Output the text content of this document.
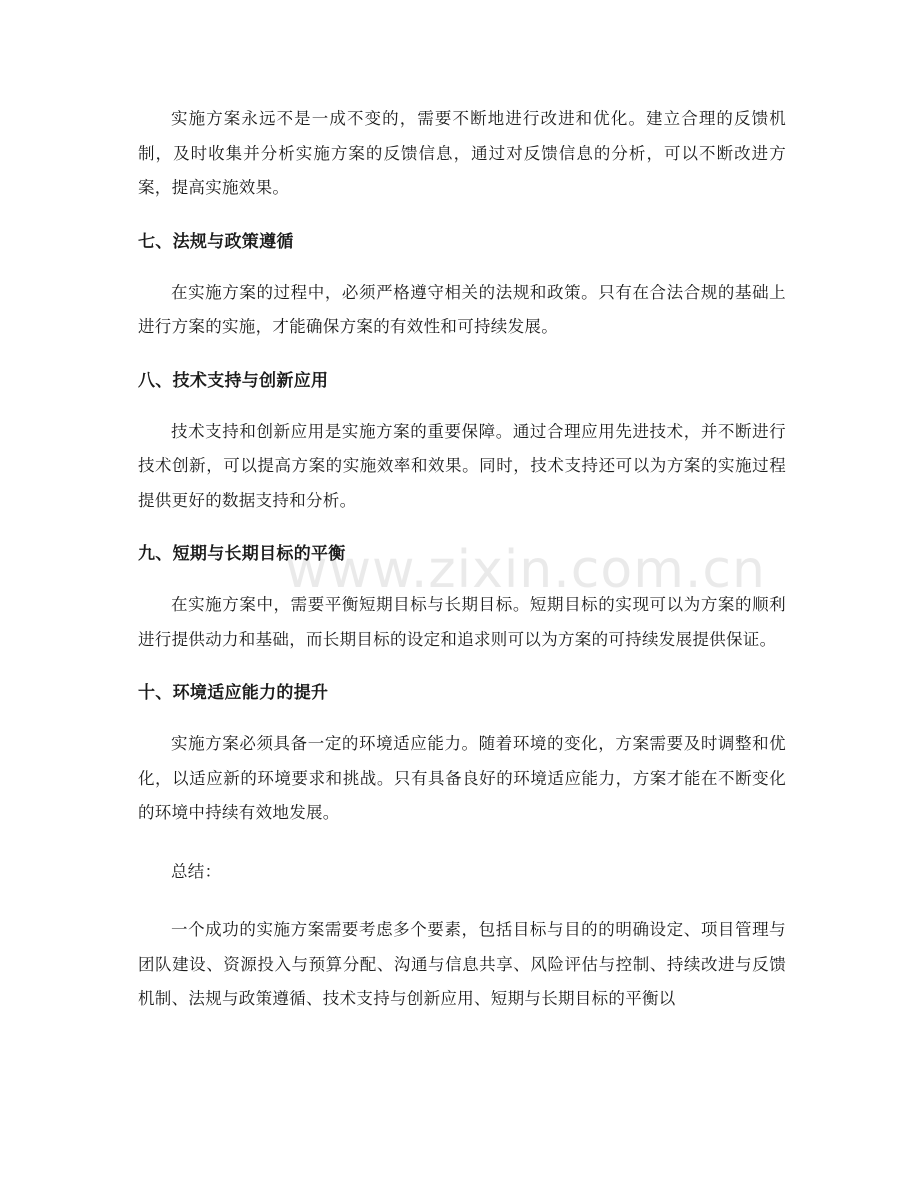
www.zixin.com.cn

实施方案永远不是一成不变的，需要不断地进行改进和优化。建立合理的反馈机制，及时收集并分析实施方案的反馈信息，通过对反馈信息的分析，可以不断改进方案，提高实施效果。

七、法规与政策遵循

在实施方案的过程中，必须严格遵守相关的法规和政策。只有在合法合规的基础上进行方案的实施，才能确保方案的有效性和可持续发展。

八、技术支持与创新应用

技术支持和创新应用是实施方案的重要保障。通过合理应用先进技术，并不断进行技术创新，可以提高方案的实施效率和效果。同时，技术支持还可以为方案的实施过程提供更好的数据支持和分析。

九、短期与长期目标的平衡

在实施方案中，需要平衡短期目标与长期目标。短期目标的实现可以为方案的顺利进行提供动力和基础，而长期目标的设定和追求则可以为方案的可持续发展提供保证。

十、环境适应能力的提升

实施方案必须具备一定的环境适应能力。随着环境的变化，方案需要及时调整和优化，以适应新的环境要求和挑战。只有具备良好的环境适应能力，方案才能在不断变化的环境中持续有效地发展。

总结：

一个成功的实施方案需要考虑多个要素，包括目标与目的的明确设定、项目管理与团队建设、资源投入与预算分配、沟通与信息共享、风险评估与控制、持续改进与反馈机制、法规与政策遵循、技术支持与创新应用、短期与长期目标的平衡以
